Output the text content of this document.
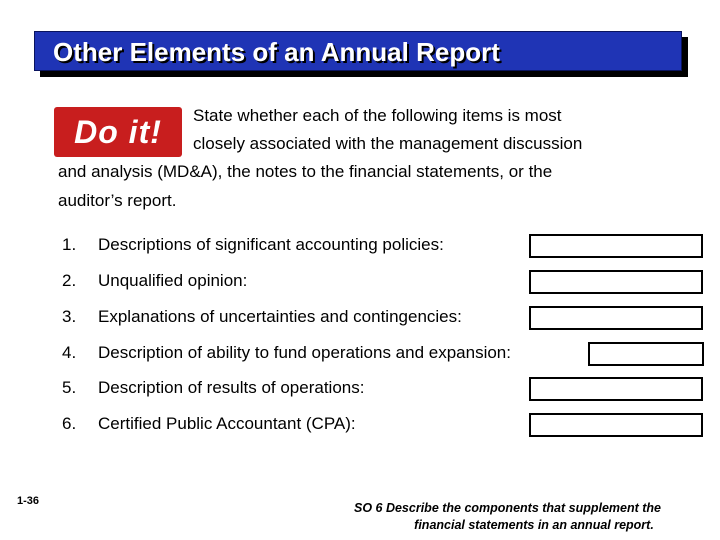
Other Elements of an Annual Report
Do it! State whether each of the following items is most
closely associated with the management discussion
and analysis (MD&A), the notes to the financial statements, or the
auditor’s report.
1. Descriptions of significant accounting policies:
2. Unqualified opinion:
3. Explanations of uncertainties and contingencies:
4. Description of ability to fund operations and expansion:
5. Description of results of operations:
6. Certified Public Accountant (CPA):
1-36	SO 6 Describe the components that supplement the
financial statements in an annual report.
